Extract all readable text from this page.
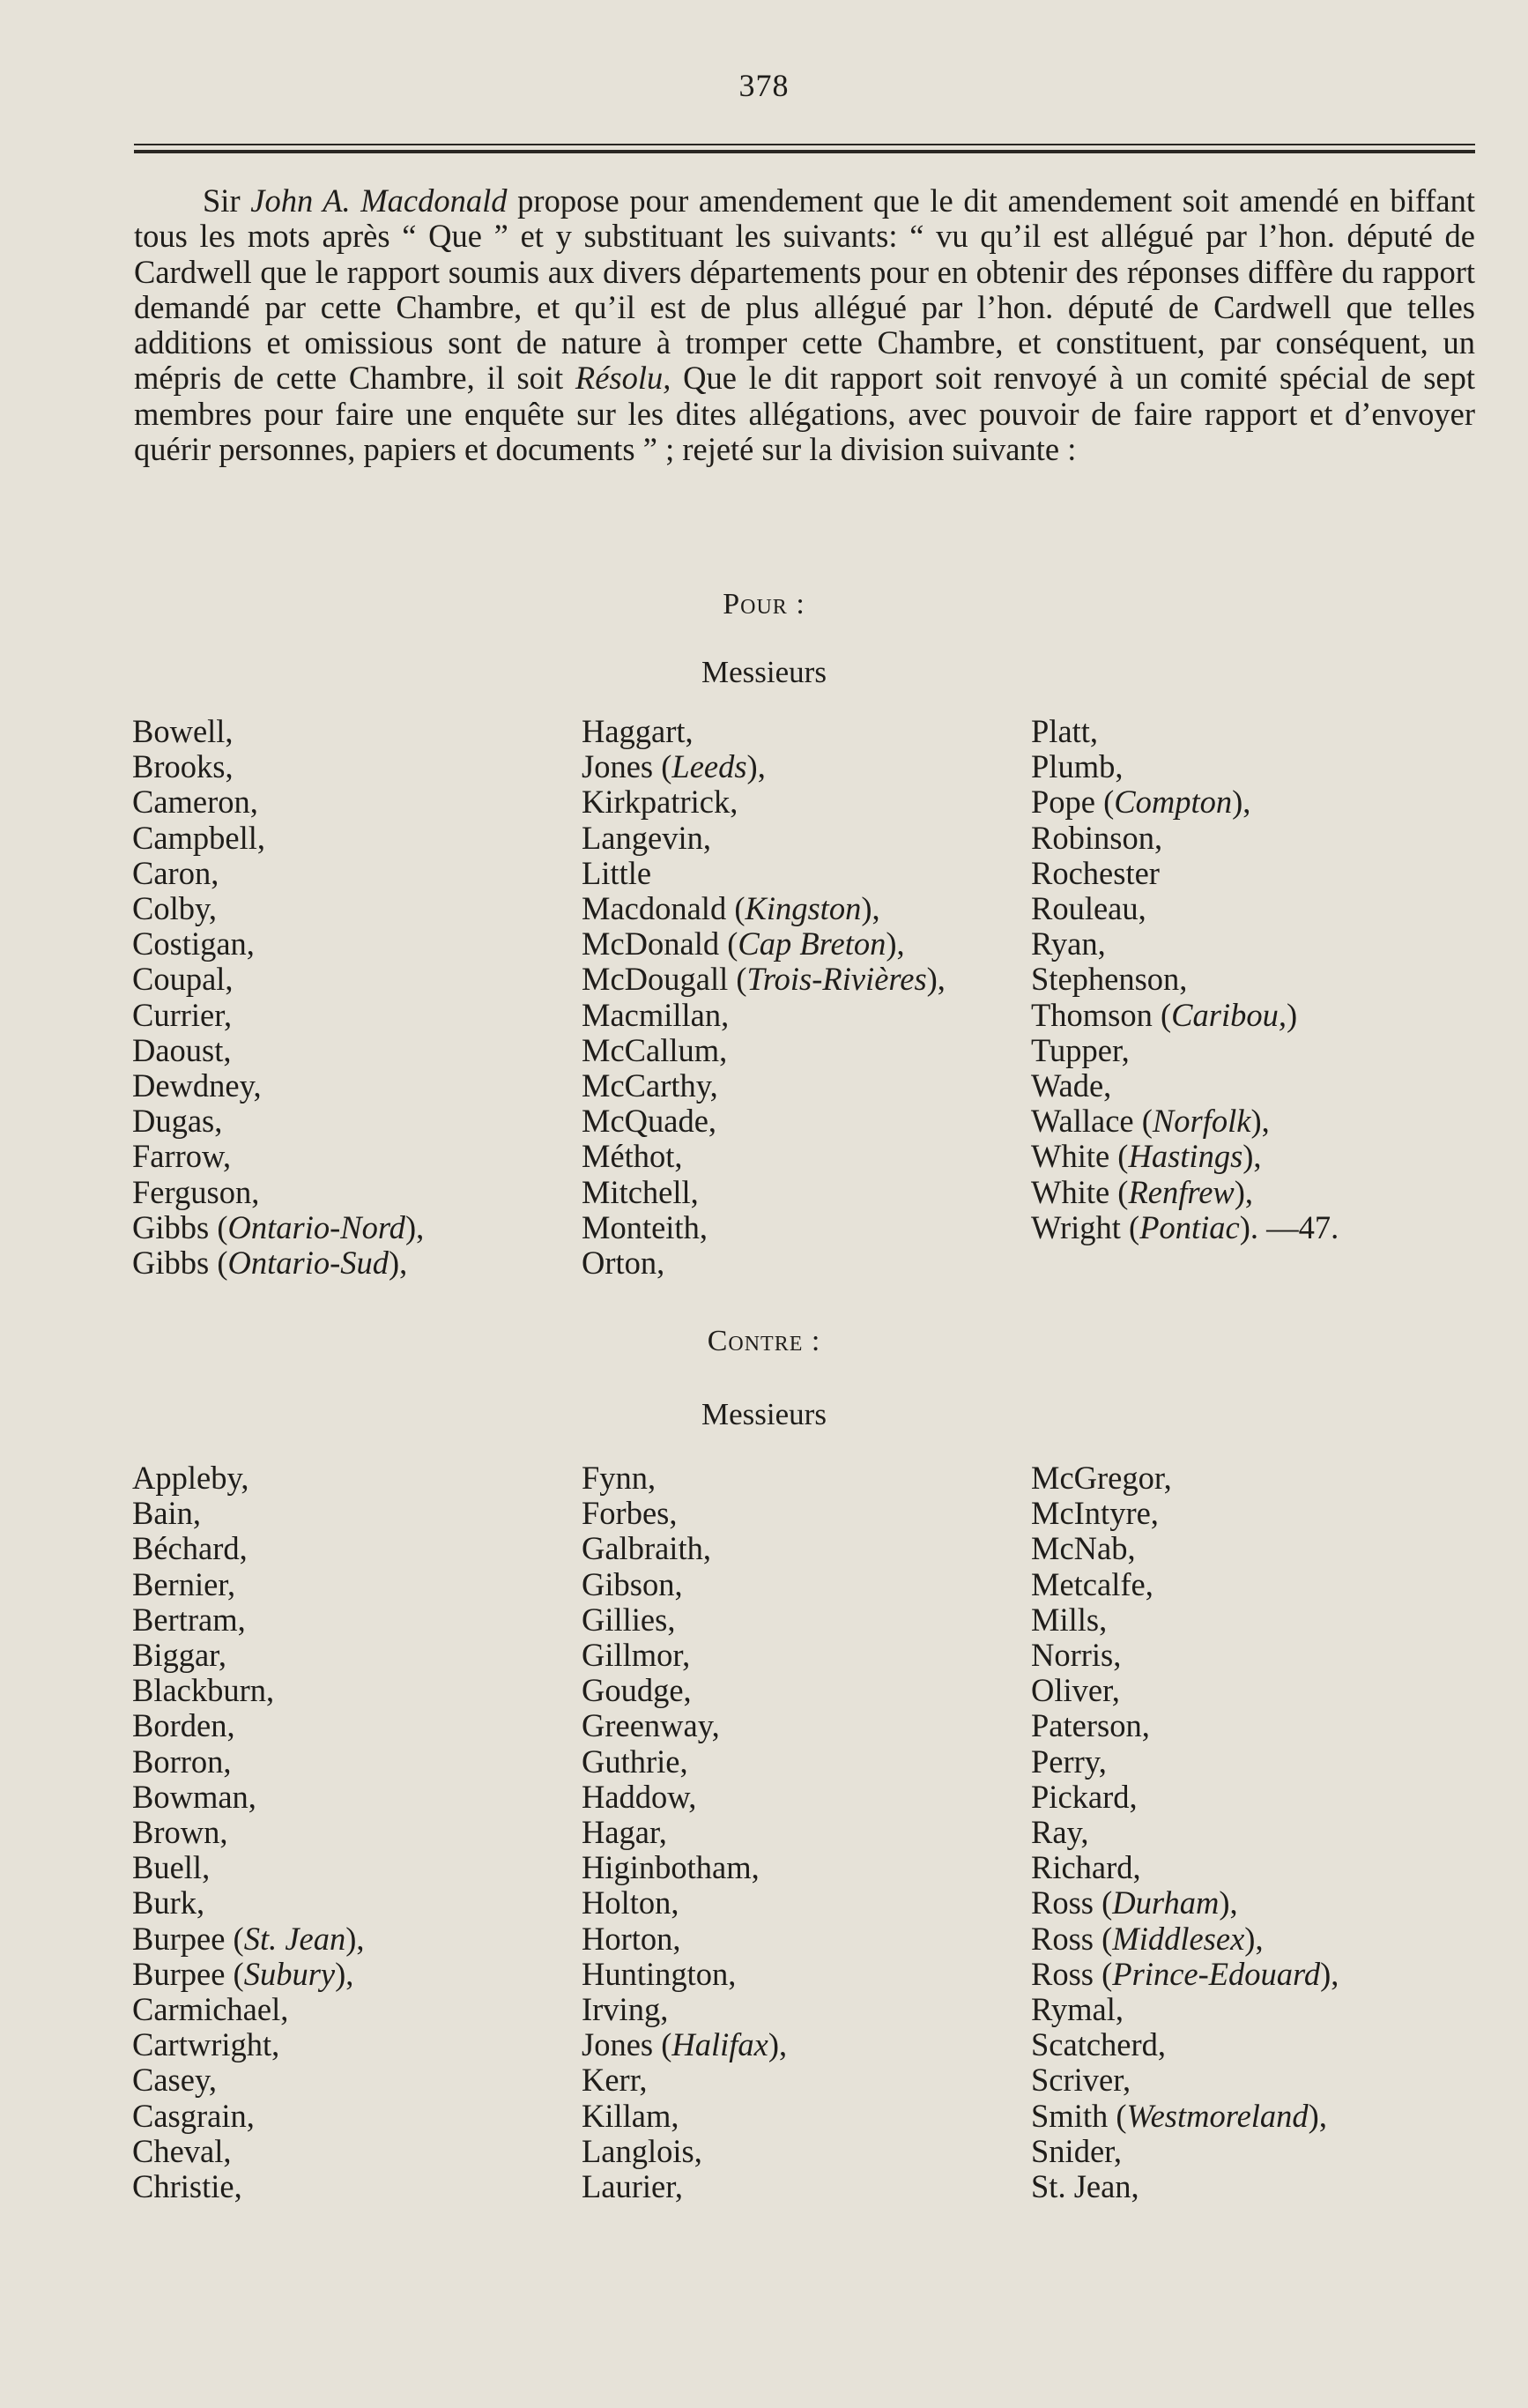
378

Sir John A. Macdonald propose pour amendement que le dit amendement soit amendé en biffant tous les mots après “ Que ” et y substituant les suivants: “ vu qu’il est allégué par l’hon. député de Cardwell que le rapport soumis aux divers départements pour en obtenir des réponses diffère du rapport demandé par cette Chambre, et qu’il est de plus allégué par l’hon. député de Cardwell que telles additions et omissious sont de nature à tromper cette Chambre, et constituent, par conséquent, un mépris de cette Chambre, il soit Résolu, Que le dit rapport soit renvoyé à un comité spécial de sept membres pour faire une enquête sur les dites allégations, avec pouvoir de faire rapport et d’envoyer quérir personnes, papiers et documents ” ; rejeté sur la division suivante :

Pour :
Messieurs
Bowell,
Brooks,
Cameron,
Campbell,
Caron,
Colby,
Costigan,
Coupal,
Currier,
Daoust,
Dewdney,
Dugas,
Farrow,
Ferguson,
Gibbs (Ontario-Nord),
Gibbs (Ontario-Sud),
Haggart,
Jones (Leeds),
Kirkpatrick,
Langevin,
Little
Macdonald (Kingston),
McDonald (Cap Breton),
McDougall (Trois-Rivières),
Macmillan,
McCallum,
McCarthy,
McQuade,
Méthot,
Mitchell,
Monteith,
Orton,
Platt,
Plumb,
Pope (Compton),
Robinson,
Rochester
Rouleau,
Ryan,
Stephenson,
Thomson (Caribou,)
Tupper,
Wade,
Wallace (Norfolk),
White (Hastings),
White (Renfrew),
Wright (Pontiac). —47.
Contre :
Messieurs
Appleby,
Bain,
Béchard,
Bernier,
Bertram,
Biggar,
Blackburn,
Borden,
Borron,
Bowman,
Brown,
Buell,
Burk,
Burpee (St. Jean),
Burpee (Subury),
Carmichael,
Cartwright,
Casey,
Casgrain,
Cheval,
Christie,
Fynn,
Forbes,
Galbraith,
Gibson,
Gillies,
Gillmor,
Goudge,
Greenway,
Guthrie,
Haddow,
Hagar,
Higinbotham,
Holton,
Horton,
Huntington,
Irving,
Jones (Halifax),
Kerr,
Killam,
Langlois,
Laurier,
McGregor,
McIntyre,
McNab,
Metcalfe,
Mills,
Norris,
Oliver,
Paterson,
Perry,
Pickard,
Ray,
Richard,
Ross (Durham),
Ross (Middlesex),
Ross (Prince-Edouard),
Rymal,
Scatcherd,
Scriver,
Smith (Westmoreland),
Snider,
St. Jean,
